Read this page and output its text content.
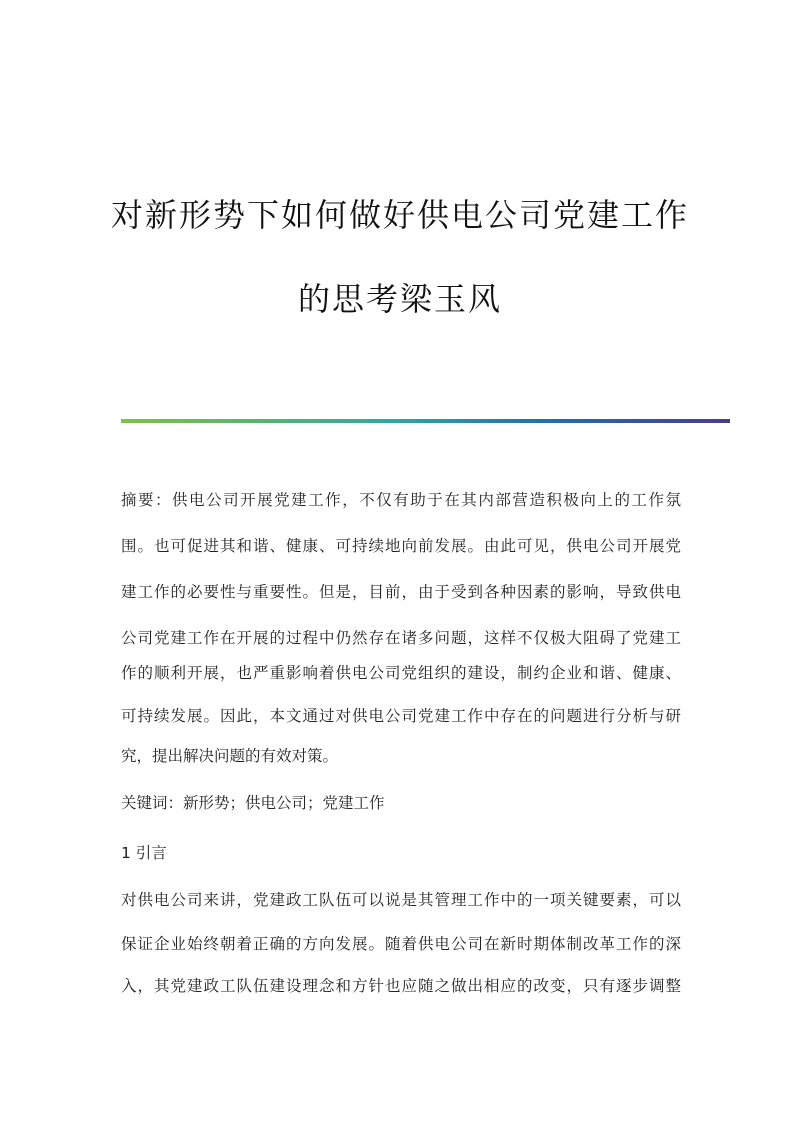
对新形势下如何做好供电公司党建工作
的思考梁玉风
摘要：供电公司开展党建工作，不仅有助于在其内部营造积极向上的工作氛
围。也可促进其和谐、健康、可持续地向前发展。由此可见，供电公司开展党
建工作的必要性与重要性。但是，目前，由于受到各种因素的影响，导致供电
公司党建工作在开展的过程中仍然存在诸多问题，这样不仅极大阻碍了党建工
作的顺利开展，也严重影响着供电公司党组织的建设，制约企业和谐、健康、
可持续发展。因此，本文通过对供电公司党建工作中存在的问题进行分析与研
究，提出解决问题的有效对策。
关键词：新形势；供电公司；党建工作
1 引言
对供电公司来讲，党建政工队伍可以说是其管理工作中的一项关键要素，可以
保证企业始终朝着正确的方向发展。随着供电公司在新时期体制改革工作的深
入，其党建政工队伍建设理念和方针也应随之做出相应的改变，只有逐步调整
